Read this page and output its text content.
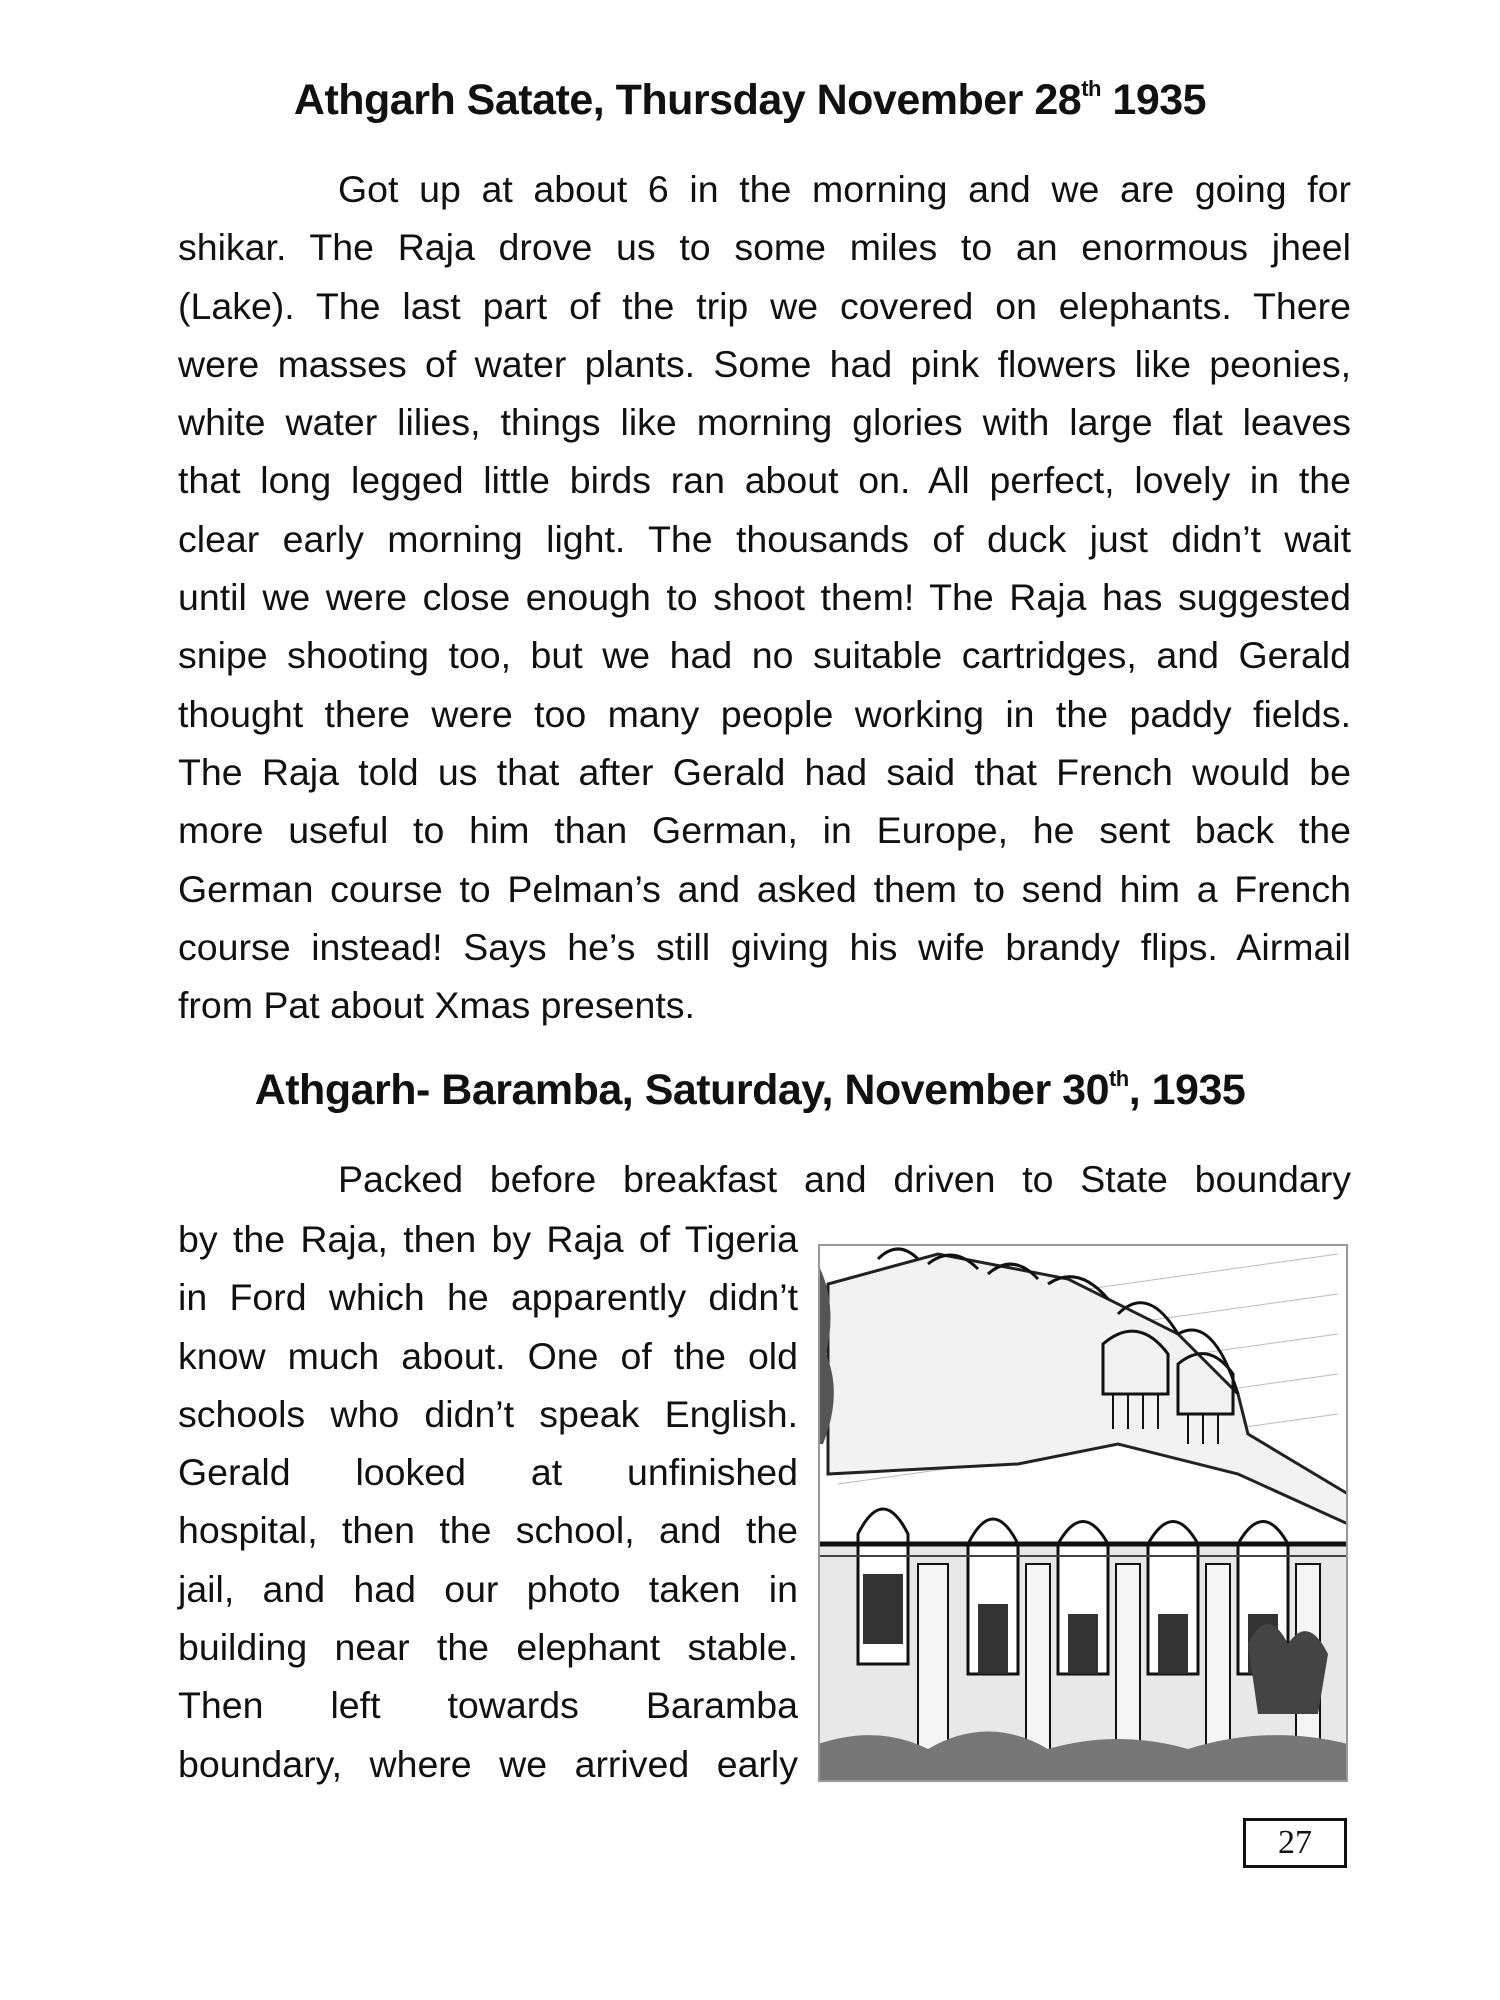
Athgarh Satate, Thursday November 28th 1935
Got up at about 6 in the morning and we are going for
shikar. The Raja drove us to some miles to an enormous jheel
(Lake). The last part of the trip we covered on elephants. There
were masses of water plants. Some had pink flowers like peonies,
white water lilies, things like morning glories with large flat leaves
that long legged little birds ran about on. All perfect, lovely in the
clear early morning light. The thousands of duck just didn’t wait
until we were close enough to shoot them! The Raja has suggested
snipe shooting too, but we had no suitable cartridges, and Gerald
thought there were too many people working in the paddy fields.
The Raja told us that after Gerald had said that French would be
more useful to him than German, in Europe, he sent back the
German course to Pelman’s and asked them to send him a French
course instead! Says he’s still giving his wife brandy flips. Airmail
from Pat about Xmas presents.
Athgarh- Baramba, Saturday, November 30th, 1935
Packed before breakfast and driven to State boundary
by the Raja, then by Raja of Tigeria
in Ford which he apparently didn’t
know much about. One of the old
schools who didn’t speak English.
Gerald looked at unfinished
hospital, then the school, and the
jail, and had our photo taken in
building near the elephant stable.
Then left towards Baramba
boundary, where we arrived early
27
